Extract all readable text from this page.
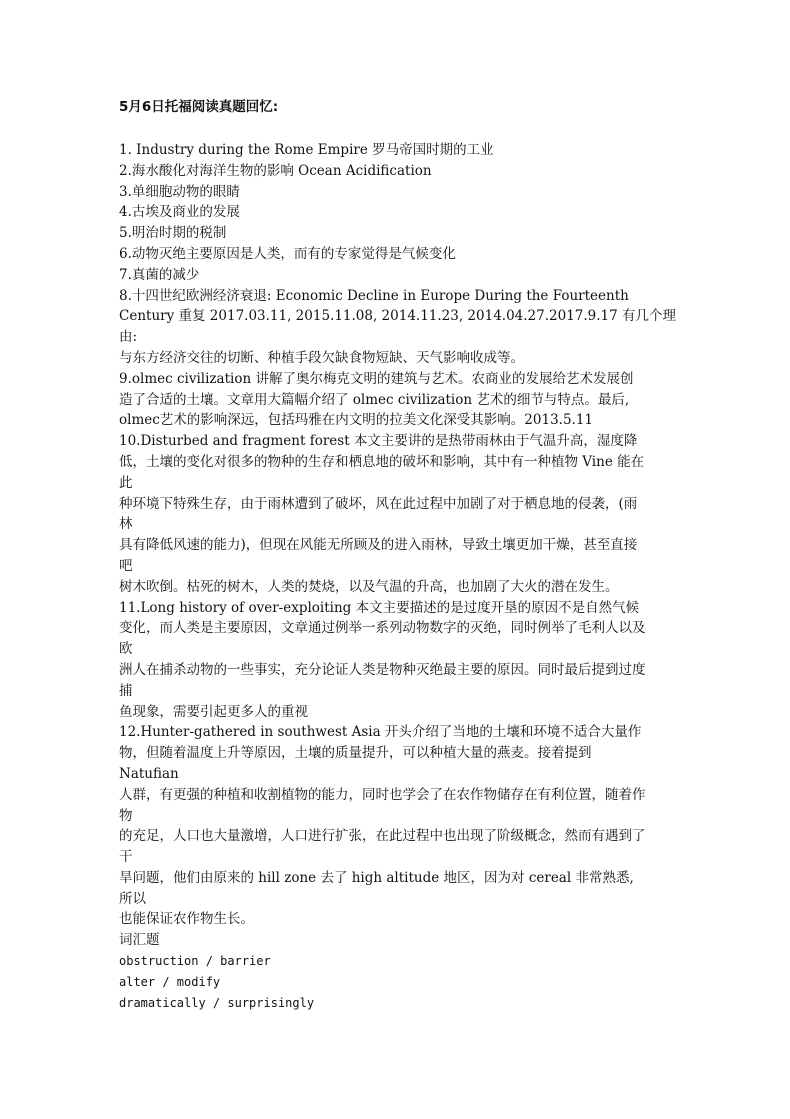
5月6日托福阅读真题回忆:
1. Industry during the Rome Empire 罗马帝国时期的工业
2.海水酸化对海洋生物的影响 Ocean Acidification
3.单细胞动物的眼睛
4.古埃及商业的发展
5.明治时期的税制
6.动物灭绝主要原因是人类，而有的专家觉得是气候变化
7.真菌的减少
8.十四世纪欧洲经济衰退: Economic Decline in Europe During the Fourteenth
Century 重复 2017.03.11, 2015.11.08, 2014.11.23, 2014.04.27.2017.9.17 有几个理
由:
与东方经济交往的切断、种植手段欠缺食物短缺、天气影响收成等。
9.olmec civilization 讲解了奥尔梅克文明的建筑与艺术。农商业的发展给艺术发展创
造了合适的土壤。文章用大篇幅介绍了 olmec civilization 艺术的细节与特点。最后,
olmec艺术的影响深远，包括玛雅在内文明的拉美文化深受其影响。2013.5.11
10.Disturbed and fragment forest 本文主要讲的是热带雨林由于气温升高，湿度降
低，土壤的变化对很多的物种的生存和栖息地的破坏和影响，其中有一种植物 Vine 能在
此
种环境下特殊生存，由于雨林遭到了破坏，风在此过程中加剧了对于栖息地的侵袭，(雨
林
具有降低风速的能力)，但现在风能无所顾及的进入雨林，导致土壤更加干燥，甚至直接
吧
树木吹倒。枯死的树木，人类的焚烧，以及气温的升高，也加剧了大火的潜在发生。
11.Long history of over-exploiting 本文主要描述的是过度开垦的原因不是自然气候
变化，而人类是主要原因，文章通过例举一系列动物数字的灭绝，同时例举了毛利人以及
欧
洲人在捕杀动物的一些事实，充分论证人类是物种灭绝最主要的原因。同时最后提到过度
捕
鱼现象，需要引起更多人的重视
12.Hunter-gathered in southwest Asia 开头介绍了当地的土壤和环境不适合大量作
物，但随着温度上升等原因，土壤的质量提升，可以种植大量的燕麦。接着提到
Natufian
人群，有更强的种植和收割植物的能力，同时也学会了在农作物储存在有利位置，随着作
物
的充足，人口也大量激增，人口进行扩张，在此过程中也出现了阶级概念，然而有遇到了
干
旱问题，他们由原来的 hill zone 去了 high altitude 地区，因为对 cereal 非常熟悉,
所以
也能保证农作物生长。
词汇题
obstruction / barrier
alter / modify
dramatically / surprisingly
